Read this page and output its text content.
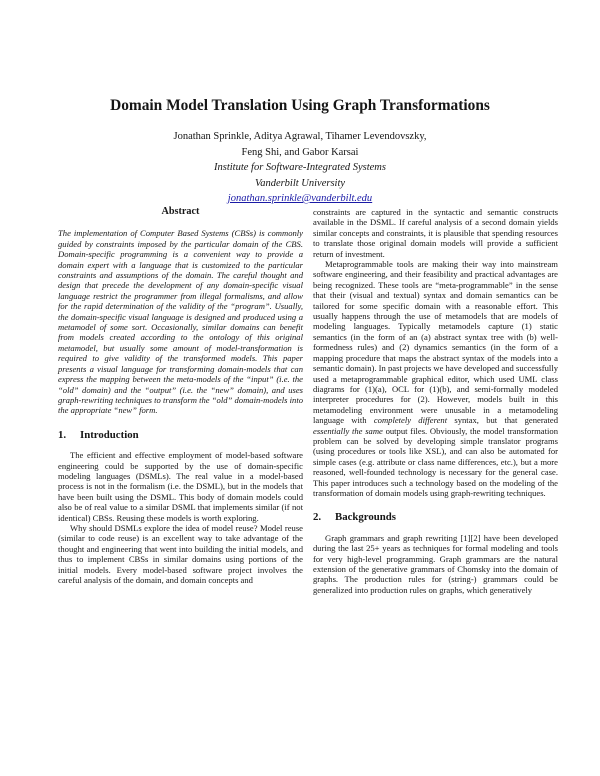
Domain Model Translation Using Graph Transformations
Jonathan Sprinkle, Aditya Agrawal, Tihamer Levendovszky,
Feng Shi, and Gabor Karsai
Institute for Software-Integrated Systems
Vanderbilt University
jonathan.sprinkle@vanderbilt.edu

Abstract

The implementation of Computer Based Systems (CBSs) is commonly guided by constraints imposed by the particular domain of the CBS. Domain-specific programming is a convenient way to provide a domain expert with a language that is customized to the particular constraints and assumptions of the domain. The careful thought and design that precede the development of any domain-specific visual language restrict the programmer from illegal formalisms, and allow for the rapid determination of the validity of the “program”. Usually, the domain-specific visual language is designed and produced using a metamodel of some sort. Occasionally, similar domains can benefit from models created according to the ontology of this original metamodel, but usually some amount of model-transformation is required to give validity of the transformed models. This paper presents a visual language for transforming domain-models that can express the mapping between the meta-models of the “input” (i.e. the “old” domain) and the “output” (i.e. the “new” domain), and uses graph-rewriting techniques to transform the “old” domain-models into the appropriate “new” form.

1. Introduction

The efficient and effective employment of model-based software engineering could be supported by the use of domain-specific modeling languages (DSMLs). The real value in a model-based process is not in the formalism (i.e. the DSML), but in the models that have been built using the DSML. This body of domain models could also be of real value to a similar DSML that implements similar (if not identical) CBSs. Reusing these models is worth exploring.

Why should DSMLs explore the idea of model reuse? Model reuse (similar to code reuse) is an excellent way to take advantage of the thought and engineering that went into building the initial models, and thus to implement CBSs in similar domains using portions of the initial models. Every model-based software project involves the careful analysis of the domain, and domain concepts and

constraints are captured in the syntactic and semantic constructs available in the DSML. If careful analysis of a second domain yields similar concepts and constraints, it is plausible that spending resources to translate those original domain models will provide a sufficient return of investment.

Metaprogrammable tools are making their way into mainstream software engineering, and their feasibility and practical advantages are being recognized. These tools are “meta-programmable” in the sense that their (visual and textual) syntax and domain semantics can be tailored for some specific domain with a reasonable effort. This usually happens through the use of metamodels that are models of modeling languages. Typically metamodels capture (1) static semantics (in the form of an (a) abstract syntax tree with (b) well-formedness rules) and (2) dynamics semantics (in the form of a mapping procedure that maps the abstract syntax of the models into a semantic domain). In past projects we have developed and successfully used a metaprogrammable graphical editor, which used UML class diagrams for (1)(a), OCL for (1)(b), and semi-formally modeled interpreter procedures for (2). However, models built in this metamodeling environment were unusable in a metamodeling language with completely different syntax, but that generated essentially the same output files. Obviously, the model transformation problem can be solved by developing simple translator programs (using procedures or tools like XSL), and can also be automated for simple cases (e.g. attribute or class name differences, etc.), but a more reasoned, well-founded technology is necessary for the general case. This paper introduces such a technology based on the modeling of the transformation of domain models using graph-rewriting techniques.

2. Backgrounds

Graph grammars and graph rewriting [1][2] have been developed during the last 25+ years as techniques for formal modeling and tools for very high-level programming. Graph grammars are the natural extension of the generative grammars of Chomsky into the domain of graphs. The production rules for (string-) grammars could be generalized into production rules on graphs, which generatively
